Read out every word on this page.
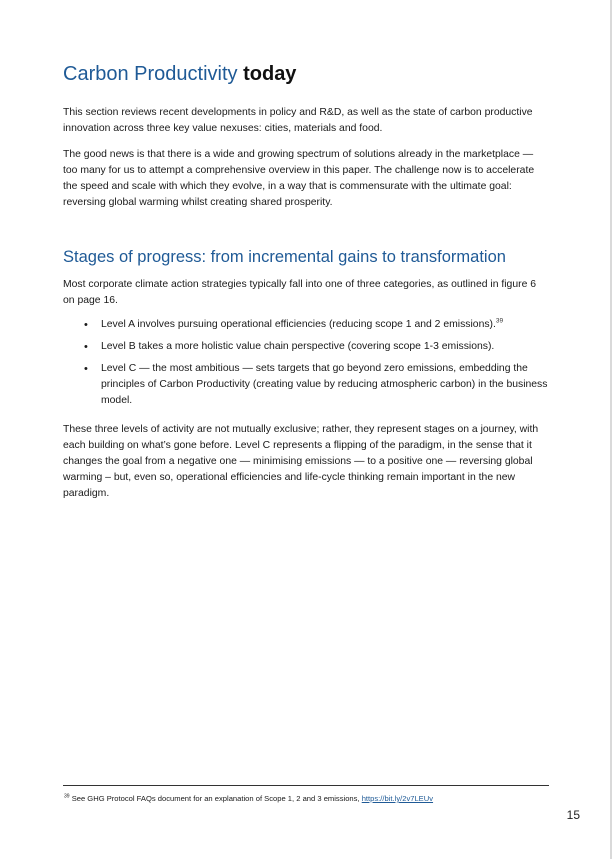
Carbon Productivity today

This section reviews recent developments in policy and R&D, as well as the state of carbon productive innovation across three key value nexuses: cities, materials and food.

The good news is that there is a wide and growing spectrum of solutions already in the marketplace — too many for us to attempt a comprehensive overview in this paper. The challenge now is to accelerate the speed and scale with which they evolve, in a way that is commensurate with the ultimate goal: reversing global warming whilst creating shared prosperity.

Stages of progress: from incremental gains to transformation

Most corporate climate action strategies typically fall into one of three categories, as outlined in figure 6 on page 16.

• Level A involves pursuing operational efficiencies (reducing scope 1 and 2 emissions).$^{39}$
• Level B takes a more holistic value chain perspective (covering scope 1-3 emissions).
• Level C — the most ambitious — sets targets that go beyond zero emissions, embedding the principles of Carbon Productivity (creating value by reducing atmospheric carbon) in the business model.

These three levels of activity are not mutually exclusive; rather, they represent stages on a journey, with each building on what’s gone before. Level C represents a flipping of the paradigm, in the sense that it changes the goal from a negative one — minimising emissions — to a positive one — reversing global warming – but, even so, operational efficiencies and life-cycle thinking remain important in the new paradigm.

$^{39}$ See GHG Protocol FAQs document for an explanation of Scope 1, 2 and 3 emissions, https://bit.ly/2v7LEUv
15
